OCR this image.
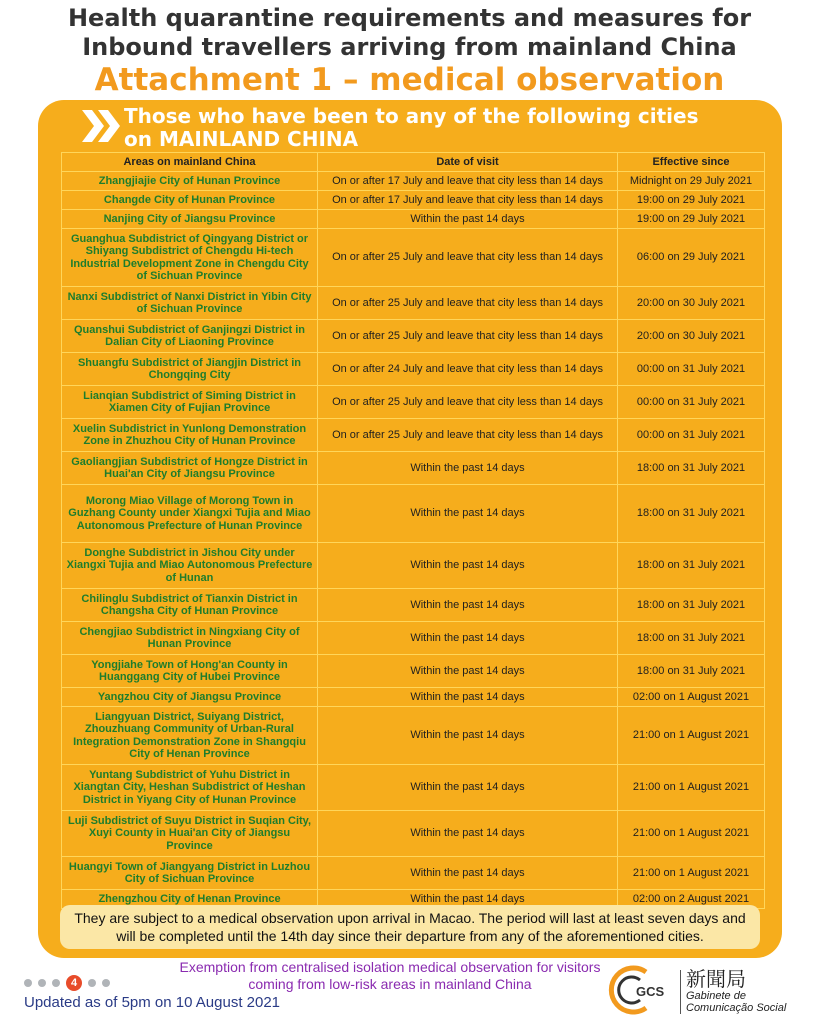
Health quarantine requirements and measures for
Inbound travellers arriving from mainland China
Attachment 1 – medical observation
Those who have been to any of the following cities
on MAINLAND CHINA
Areas on mainland China	Date of visit	Effective since
Zhangjiajie City of Hunan Province	On or after 17 July and leave that city less than 14 days	Midnight on 29 July 2021
Changde City of Hunan Province	On or after 17 July and leave that city less than 14 days	19:00 on 29 July 2021
Nanjing City of Jiangsu Province	Within the past 14 days	19:00 on 29 July 2021
Guanghua Subdistrict of Qingyang District or Shiyang Subdistrict of Chengdu Hi-tech Industrial Development Zone in Chengdu City of Sichuan Province	On or after 25 July and leave that city less than 14 days	06:00 on 29 July 2021
Nanxi Subdistrict of Nanxi District in Yibin City of Sichuan Province	On or after 25 July and leave that city less than 14 days	20:00 on 30 July 2021
Quanshui Subdistrict of Ganjingzi District in Dalian City of Liaoning Province	On or after 25 July and leave that city less than 14 days	20:00 on 30 July 2021
Shuangfu Subdistrict of Jiangjin District in Chongqing City	On or after 24 July and leave that city less than 14 days	00:00 on 31 July 2021
Lianqian Subdistrict of Siming District in Xiamen City of Fujian Province	On or after 25 July and leave that city less than 14 days	00:00 on 31 July 2021
Xuelin Subdistrict in Yunlong Demonstration Zone in Zhuzhou City of Hunan Province	On or after 25 July and leave that city less than 14 days	00:00 on 31 July 2021
Gaoliangjian Subdistrict of Hongze District in Huai'an City of Jiangsu Province	Within the past 14 days	18:00 on 31 July 2021
Morong Miao Village of Morong Town in Guzhang County under Xiangxi Tujia and Miao Autonomous Prefecture of Hunan Province	Within the past 14 days	18:00 on 31 July 2021
Donghe Subdistrict in Jishou City under Xiangxi Tujia and Miao Autonomous Prefecture of Hunan	Within the past 14 days	18:00 on 31 July 2021
Chilinglu Subdistrict of Tianxin District in Changsha City of Hunan Province	Within the past 14 days	18:00 on 31 July 2021
Chengjiao Subdistrict in Ningxiang City of Hunan Province	Within the past 14 days	18:00 on 31 July 2021
Yongjiahe Town of Hong'an County in Huanggang City of Hubei Province	Within the past 14 days	18:00 on 31 July 2021
Yangzhou City of Jiangsu Province	Within the past 14 days	02:00 on 1 August 2021
Liangyuan District, Suiyang District, Zhouzhuang Community of Urban-Rural Integration Demonstration Zone in Shangqiu City of Henan Province	Within the past 14 days	21:00 on 1 August 2021
Yuntang Subdistrict of Yuhu District in Xiangtan City, Heshan Subdistrict of Heshan District in Yiyang City of Hunan Province	Within the past 14 days	21:00 on 1 August 2021
Luji Subdistrict of Suyu District in Suqian City, Xuyi County in Huai'an City of Jiangsu Province	Within the past 14 days	21:00 on 1 August 2021
Huangyi Town of Jiangyang District in Luzhou City of Sichuan Province	Within the past 14 days	21:00 on 1 August 2021
Zhengzhou City of Henan Province	Within the past 14 days	02:00 on 2 August 2021
They are subject to a medical observation upon arrival in Macao. The period will last at least seven days and will be completed until the 14th day since their departure from any of the aforementioned cities.
4
Updated as of 5pm on 10 August 2021
Exemption from centralised isolation medical observation for visitors
coming from low-risk areas in mainland China	GCS
新聞局
Gabinete de
Comunicação Social
